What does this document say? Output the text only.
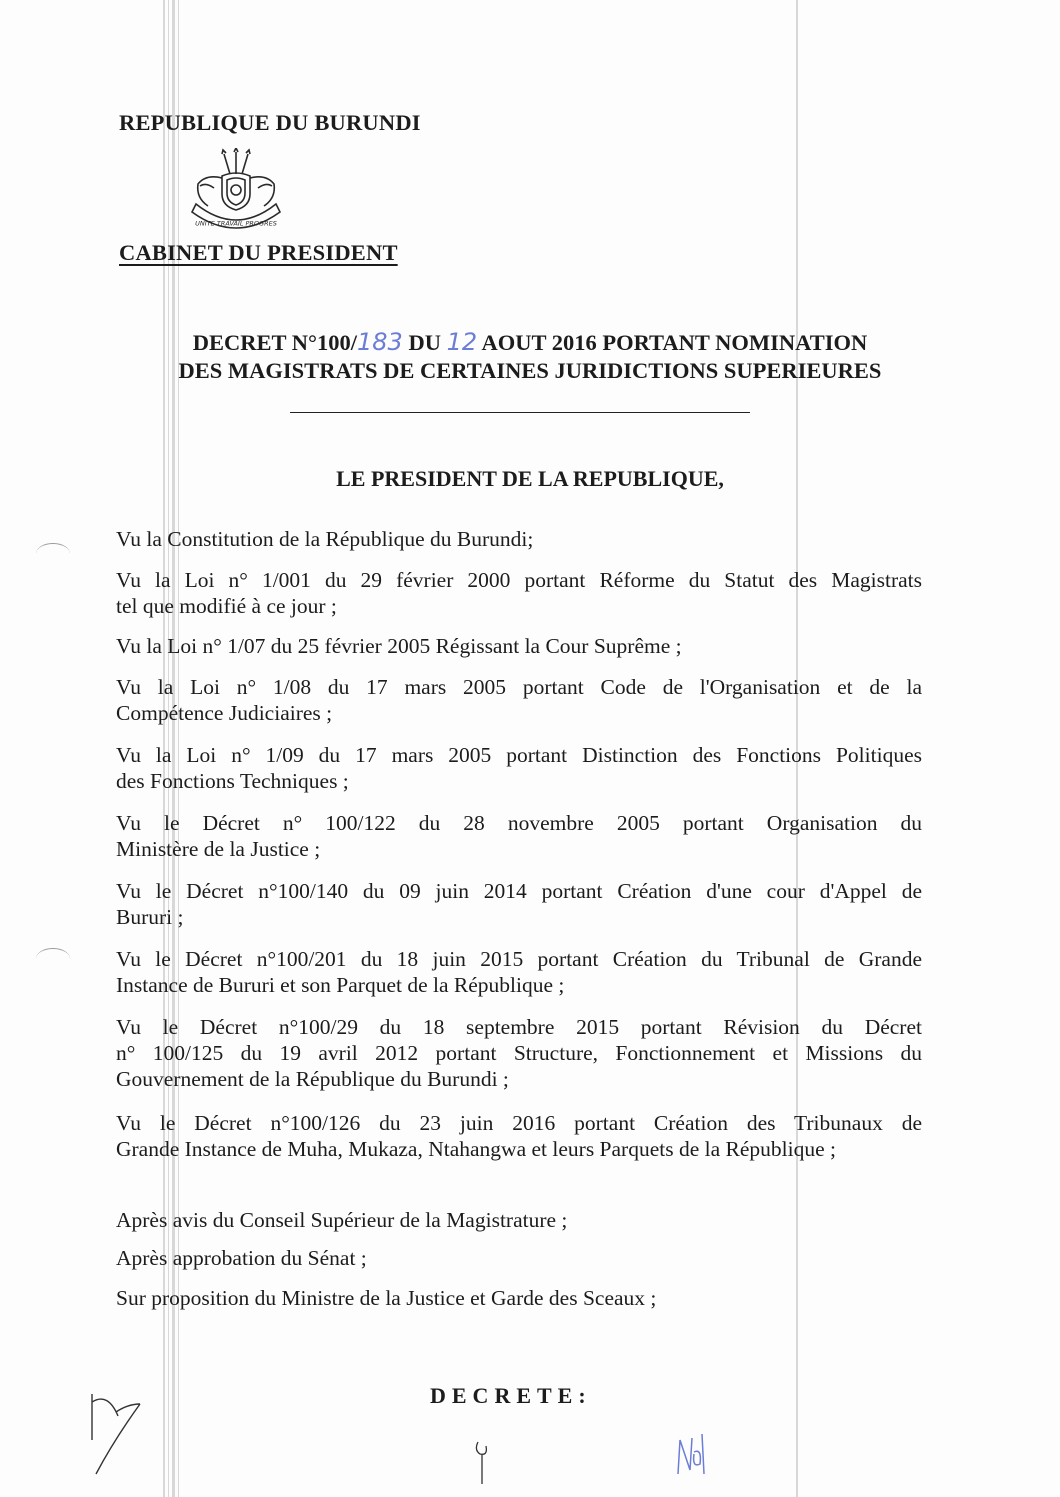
REPUBLIQUE DU BURUNDI
UNITE TRAVAIL PROGRES
CABINET DU PRESIDENT
DECRET N°100/183 DU 12 AOUT 2016 PORTANT NOMINATION
DES MAGISTRATS DE CERTAINES JURIDICTIONS SUPERIEURES
LE PRESIDENT DE LA REPUBLIQUE,
Vu la Constitution de la République du Burundi;
Vu la Loi n° 1/001 du 29 février 2000 portant Réforme du Statut des Magistrats
tel que modifié à ce jour ;
Vu la Loi n° 1/07 du 25 février 2005 Régissant la Cour Suprême ;
Vu la Loi n° 1/08 du 17 mars 2005 portant Code de l'Organisation et de la
Compétence Judiciaires ;
Vu la Loi n° 1/09 du 17 mars 2005 portant Distinction des Fonctions Politiques
des Fonctions Techniques ;
Vu le Décret n° 100/122 du 28 novembre 2005 portant Organisation du
Ministère de la Justice ;
Vu le Décret n°100/140 du 09 juin 2014 portant Création d'une cour d'Appel de
Bururi ;
Vu le Décret n°100/201 du 18 juin 2015 portant Création du Tribunal de Grande
Instance de Bururi et son Parquet de la République ;
Vu le Décret n°100/29 du 18 septembre 2015 portant Révision du Décret
n° 100/125 du 19 avril 2012 portant Structure, Fonctionnement et Missions du Gouvernement de la République du Burundi ;
Vu le Décret n°100/126 du 23 juin 2016 portant Création des Tribunaux de
Grande Instance de Muha, Mukaza, Ntahangwa et leurs Parquets de la République ;
Après avis du Conseil Supérieur de la Magistrature ;
Après approbation du Sénat ;
Sur proposition du Ministre de la Justice et Garde des Sceaux ;
DECRETE:
